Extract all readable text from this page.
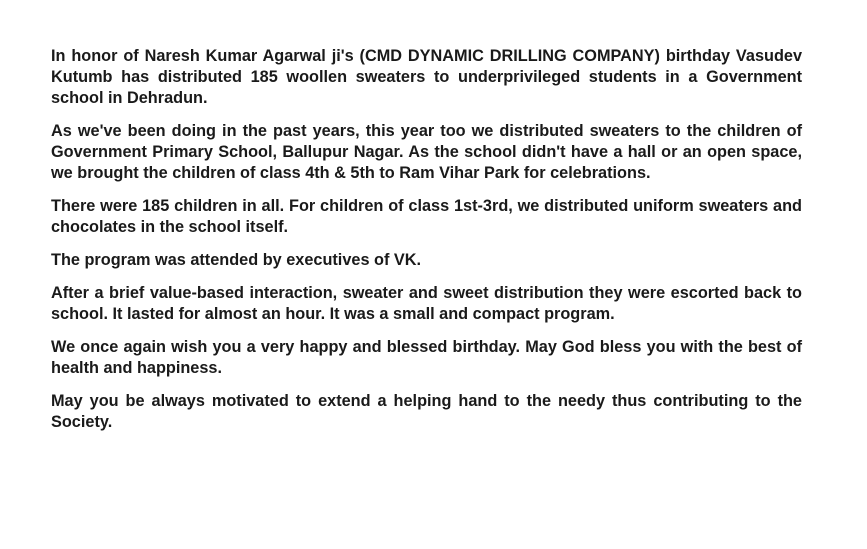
In honor of Naresh Kumar Agarwal ji's (CMD DYNAMIC DRILLING COMPANY) birthday Vasudev Kutumb has distributed 185 woollen sweaters to underprivileged students in a Government school in Dehradun.

As we've been doing in the past years, this year too we distributed sweaters to the children of Government Primary School, Ballupur Nagar. As the school didn't have a hall or an open space, we brought the children of class 4th & 5th to Ram Vihar Park for celebrations.

There were 185 children in all. For children of class 1st-3rd, we distributed uniform sweaters and chocolates in the school itself.

The program was attended by executives of VK.

After a brief value-based interaction, sweater and sweet distribution they were escorted back to school. It lasted for almost an hour. It was a small and compact program.

We once again wish you a very happy and blessed birthday. May God bless you with the best of health and happiness.

May you be always motivated to extend a helping hand to the needy thus contributing to the Society.
